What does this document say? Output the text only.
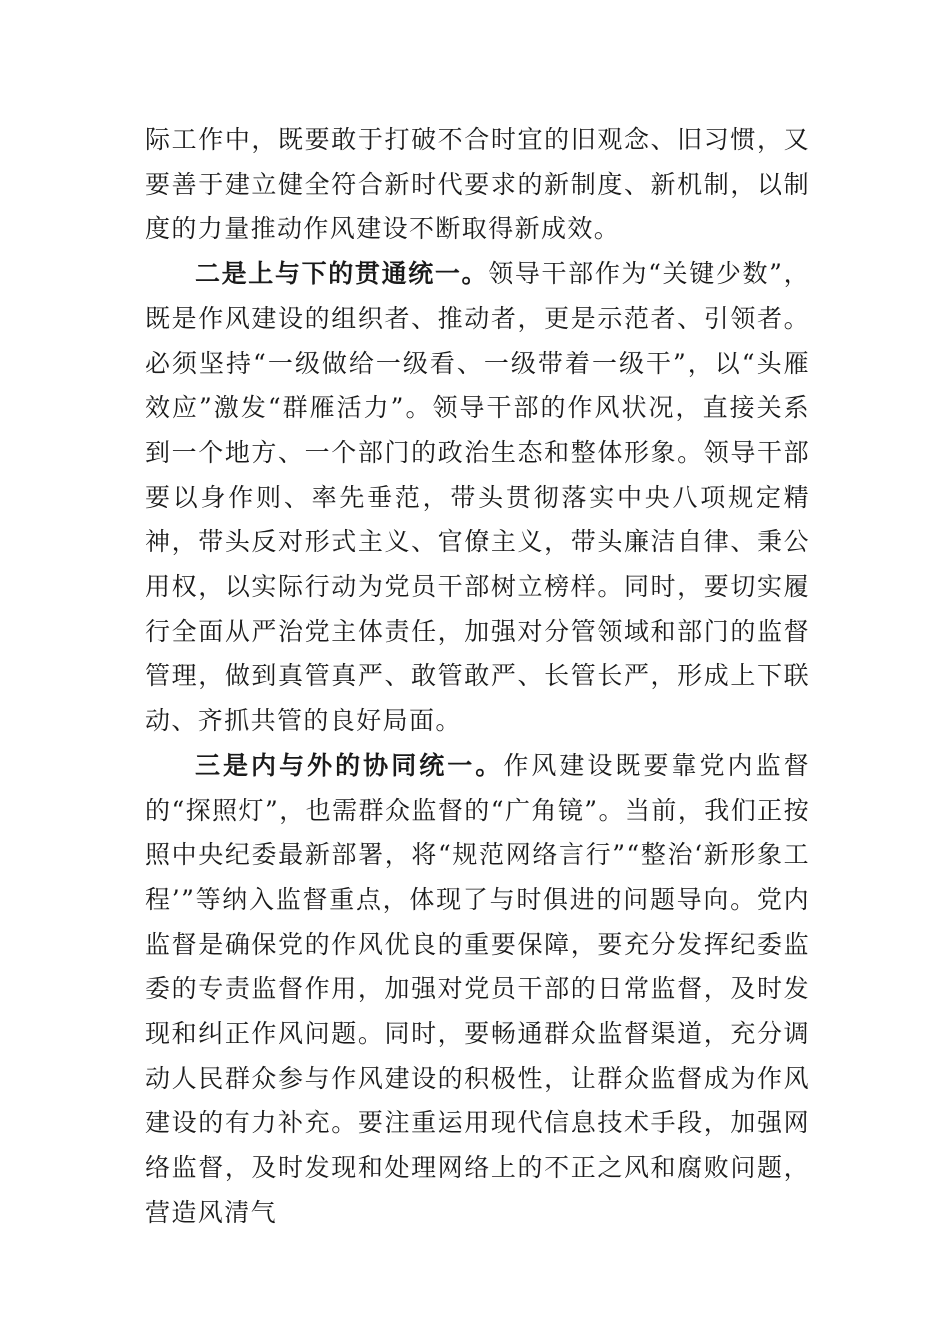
际工作中，既要敢于打破不合时宜的旧观念、旧习惯，又要善于建立健全符合新时代要求的新制度、新机制，以制度的力量推动作风建设不断取得新成效。

二是上与下的贯通统一。领导干部作为“关键少数”，既是作风建设的组织者、推动者，更是示范者、引领者。必须坚持“一级做给一级看、一级带着一级干”，以“头雁效应”激发“群雁活力”。领导干部的作风状况，直接关系到一个地方、一个部门的政治生态和整体形象。领导干部要以身作则、率先垂范，带头贯彻落实中央八项规定精神，带头反对形式主义、官僚主义，带头廉洁自律、秉公用权，以实际行动为党员干部树立榜样。同时，要切实履行全面从严治党主体责任，加强对分管领域和部门的监督管理，做到真管真严、敢管敢严、长管长严，形成上下联动、齐抓共管的良好局面。

三是内与外的协同统一。作风建设既要靠党内监督的“探照灯”，也需群众监督的“广角镜”。当前，我们正按照中央纪委最新部署，将“规范网络言行”“整治‘新形象工程’”等纳入监督重点，体现了与时俱进的问题导向。党内监督是确保党的作风优良的重要保障，要充分发挥纪委监委的专责监督作用，加强对党员干部的日常监督，及时发现和纠正作风问题。同时，要畅通群众监督渠道，充分调动人民群众参与作风建设的积极性，让群众监督成为作风建设的有力补充。要注重运用现代信息技术手段，加强网络监督，及时发现和处理网络上的不正之风和腐败问题，营造风清气
